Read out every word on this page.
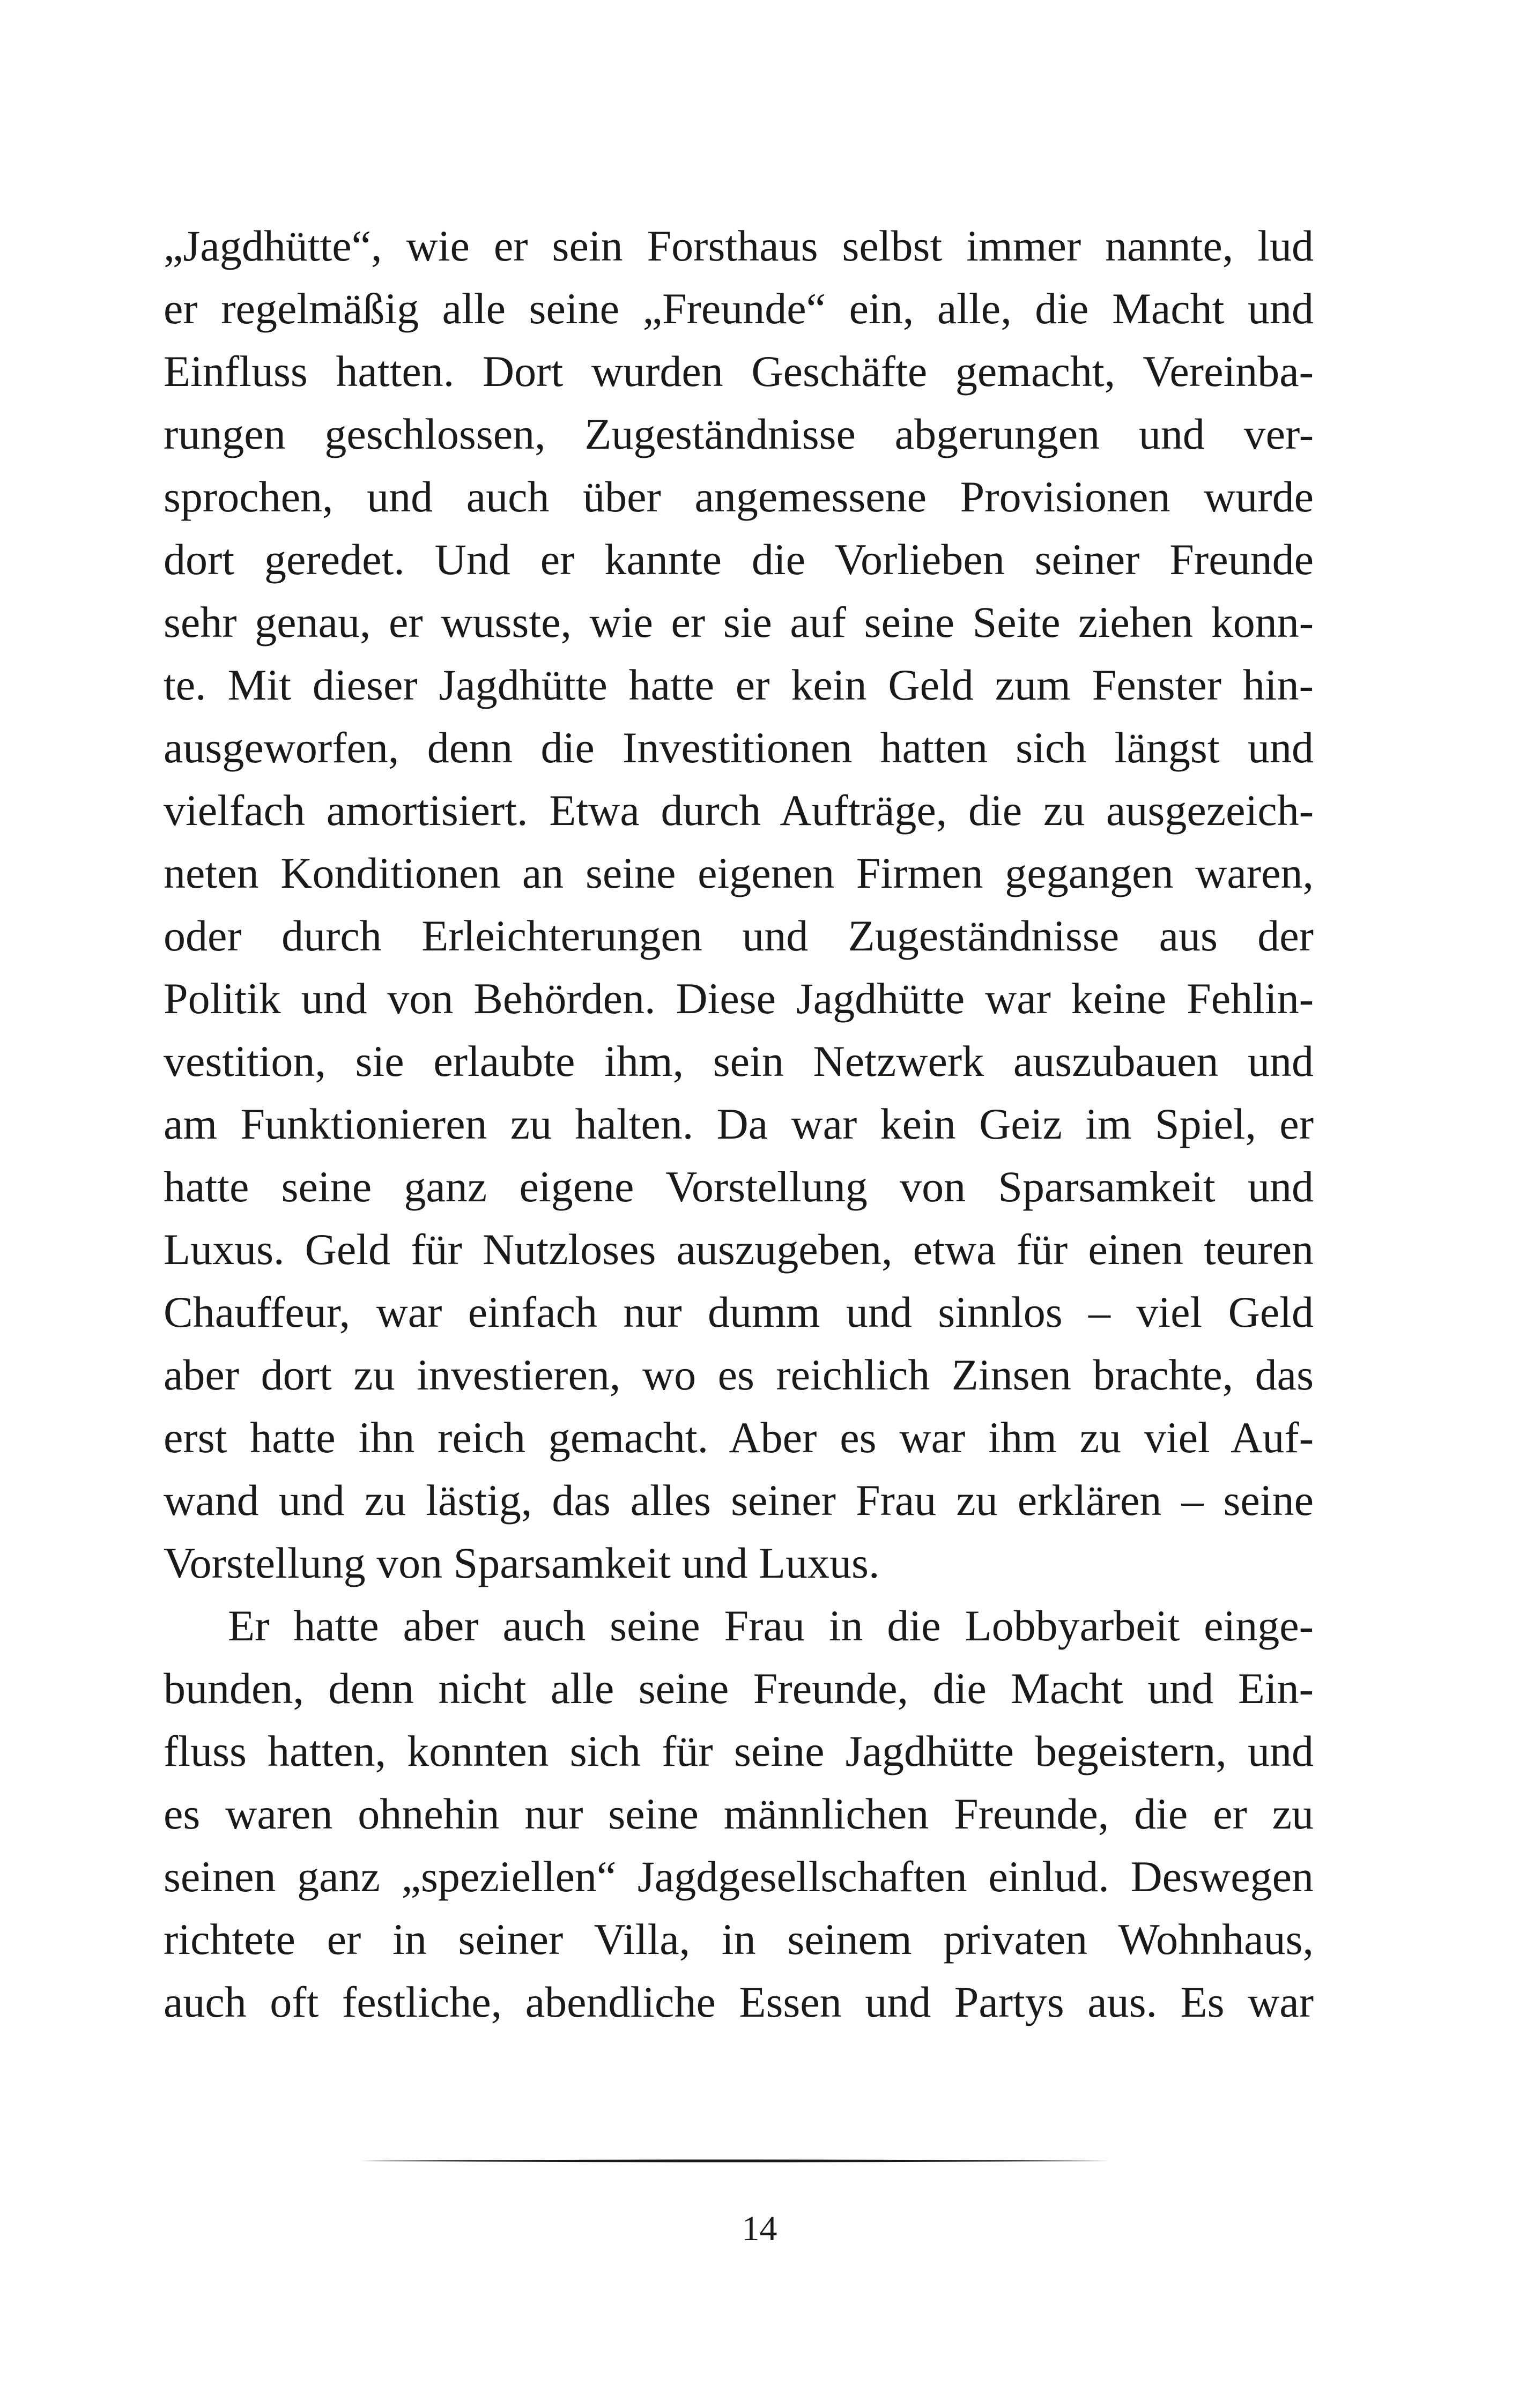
„Jagdhütte“, wie er sein Forsthaus selbst immer nannte, lud
er regelmäßig alle seine „Freunde“ ein, alle, die Macht und
Einfluss hatten. Dort wurden Geschäfte gemacht, Vereinba-
rungen geschlossen, Zugeständnisse abgerungen und ver-
sprochen, und auch über angemessene Provisionen wurde
dort geredet. Und er kannte die Vorlieben seiner Freunde
sehr genau, er wusste, wie er sie auf seine Seite ziehen konn-
te. Mit dieser Jagdhütte hatte er kein Geld zum Fenster hin-
ausgeworfen, denn die Investitionen hatten sich längst und
vielfach amortisiert. Etwa durch Aufträge, die zu ausgezeich-
neten Konditionen an seine eigenen Firmen gegangen waren,
oder durch Erleichterungen und Zugeständnisse aus der
Politik und von Behörden. Diese Jagdhütte war keine Fehlin-
vestition, sie erlaubte ihm, sein Netzwerk auszubauen und
am Funktionieren zu halten. Da war kein Geiz im Spiel, er
hatte seine ganz eigene Vorstellung von Sparsamkeit und
Luxus. Geld für Nutzloses auszugeben, etwa für einen teuren
Chauffeur, war einfach nur dumm und sinnlos – viel Geld
aber dort zu investieren, wo es reichlich Zinsen brachte, das
erst hatte ihn reich gemacht. Aber es war ihm zu viel Auf-
wand und zu lästig, das alles seiner Frau zu erklären – seine
Vorstellung von Sparsamkeit und Luxus.
Er hatte aber auch seine Frau in die Lobbyarbeit einge-
bunden, denn nicht alle seine Freunde, die Macht und Ein-
fluss hatten, konnten sich für seine Jagdhütte begeistern, und
es waren ohnehin nur seine männlichen Freunde, die er zu
seinen ganz „speziellen“ Jagdgesellschaften einlud. Deswegen
richtete er in seiner Villa, in seinem privaten Wohnhaus,
auch oft festliche, abendliche Essen und Partys aus. Es war
14
